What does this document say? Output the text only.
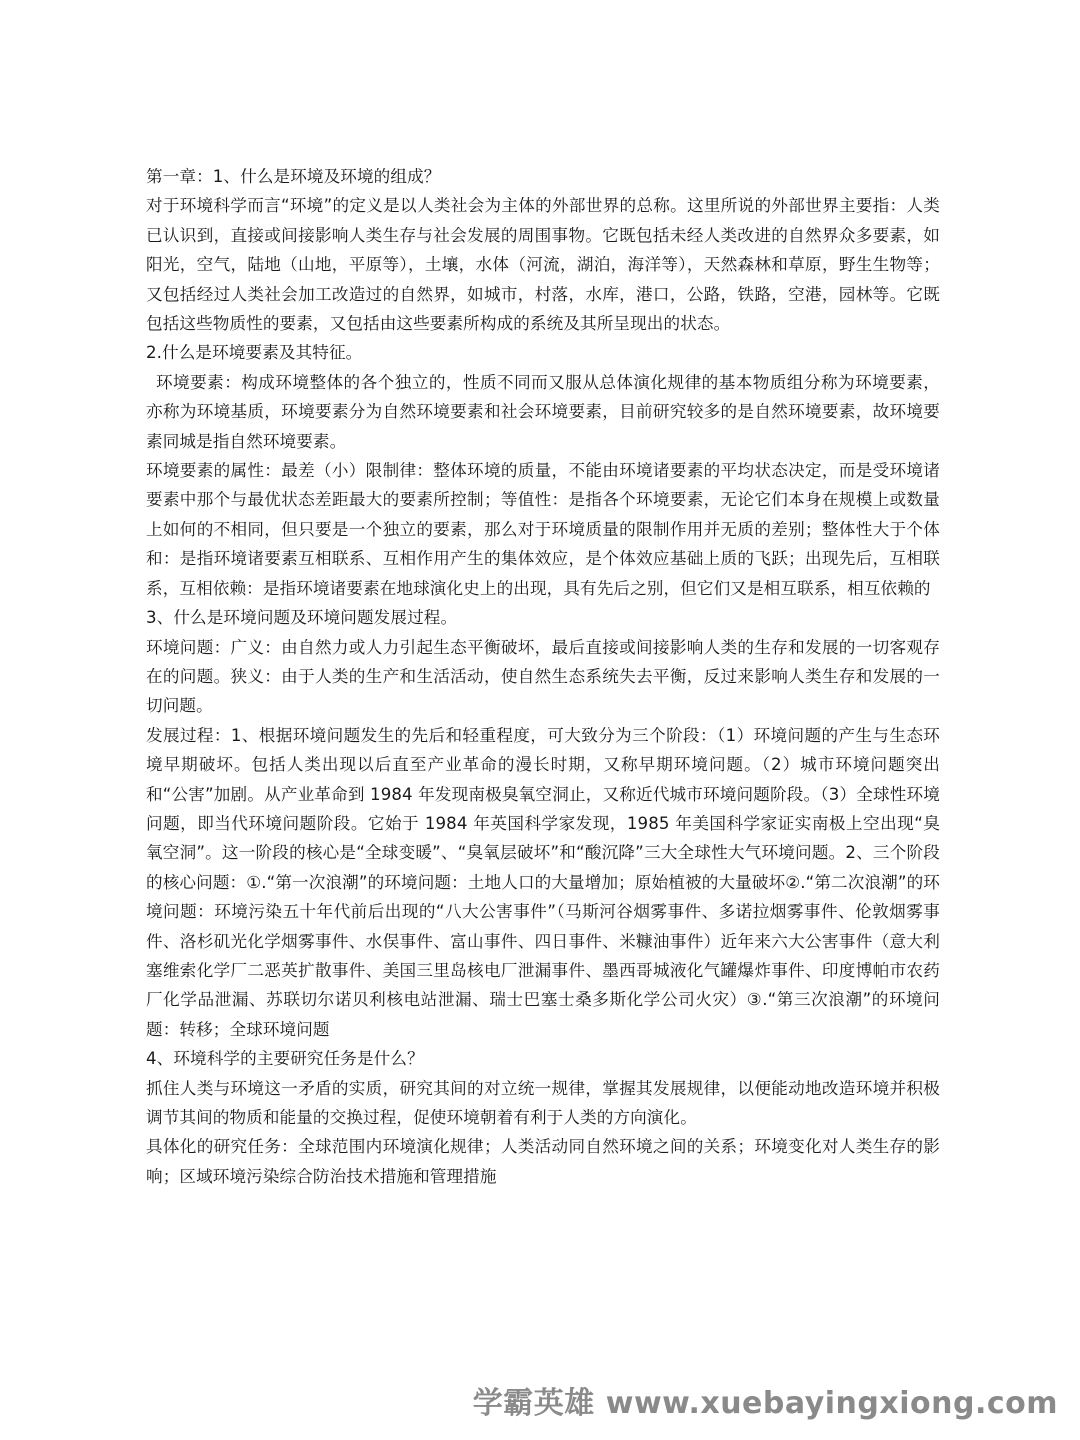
第一章：1、什么是环境及环境的组成？

对于环境科学而言“环境”的定义是以人类社会为主体的外部世界的总称。这里所说的外部世界主要指：人类已认识到，直接或间接影响人类生存与社会发展的周围事物。它既包括未经人类改进的自然界众多要素，如阳光，空气，陆地（山地，平原等），土壤，水体（河流，湖泊，海洋等），天然森林和草原，野生生物等；又包括经过人类社会加工改造过的自然界，如城市，村落，水库，港口，公路，铁路，空港，园林等。它既包括这些物质性的要素，又包括由这些要素所构成的系统及其所呈现出的状态。

2.什么是环境要素及其特征。

环境要素：构成环境整体的各个独立的，性质不同而又服从总体演化规律的基本物质组分称为环境要素，亦称为环境基质，环境要素分为自然环境要素和社会环境要素，目前研究较多的是自然环境要素，故环境要素同城是指自然环境要素。

环境要素的属性：最差（小）限制律：整体环境的质量，不能由环境诸要素的平均状态决定，而是受环境诸要素中那个与最优状态差距最大的要素所控制；等值性：是指各个环境要素，无论它们本身在规模上或数量上如何的不相同，但只要是一个独立的要素，那么对于环境质量的限制作用并无质的差别；整体性大于个体和：是指环境诸要素互相联系、互相作用产生的集体效应，是个体效应基础上质的飞跃；出现先后，互相联系，互相依赖：是指环境诸要素在地球演化史上的出现，具有先后之别，但它们又是相互联系，相互依赖的

3、什么是环境问题及环境问题发展过程。

环境问题：广义：由自然力或人力引起生态平衡破坏，最后直接或间接影响人类的生存和发展的一切客观存在的问题。狭义：由于人类的生产和生活活动，使自然生态系统失去平衡，反过来影响人类生存和发展的一切问题。

发展过程：1、根据环境问题发生的先后和轻重程度，可大致分为三个阶段：（1）环境问题的产生与生态环境早期破坏。包括人类出现以后直至产业革命的漫长时期，又称早期环境问题。（2）城市环境问题突出和“公害”加剧。从产业革命到 1984 年发现南极臭氧空洞止，又称近代城市环境问题阶段。（3）全球性环境问题，即当代环境问题阶段。它始于 1984 年英国科学家发现，1985 年美国科学家证实南极上空出现“臭氧空洞”。这一阶段的核心是“全球变暖”、“臭氧层破坏”和“酸沉降”三大全球性大气环境问题。2、三个阶段的核心问题：①.“第一次浪潮”的环境问题：土地人口的大量增加；原始植被的大量破坏②.“第二次浪潮”的环境问题：环境污染五十年代前后出现的“八大公害事件”（马斯河谷烟雾事件、多诺拉烟雾事件、伦敦烟雾事件、洛杉矶光化学烟雾事件、水俣事件、富山事件、四日事件、米糠油事件）近年来六大公害事件（意大利塞维索化学厂二恶英扩散事件、美国三里岛核电厂泄漏事件、墨西哥城液化气罐爆炸事件、印度博帕市农药厂化学品泄漏、苏联切尔诺贝利核电站泄漏、瑞士巴塞士桑多斯化学公司火灾）③.“第三次浪潮”的环境问题：转移；全球环境问题

4、环境科学的主要研究任务是什么？

抓住人类与环境这一矛盾的实质，研究其间的对立统一规律，掌握其发展规律，以便能动地改造环境并积极调节其间的物质和能量的交换过程，促使环境朝着有利于人类的方向演化。

具体化的研究任务：全球范围内环境演化规律；人类活动同自然环境之间的关系；环境变化对人类生存的影响；区域环境污染综合防治技术措施和管理措施

学霸英雄 www.xuebayingxiong.com
